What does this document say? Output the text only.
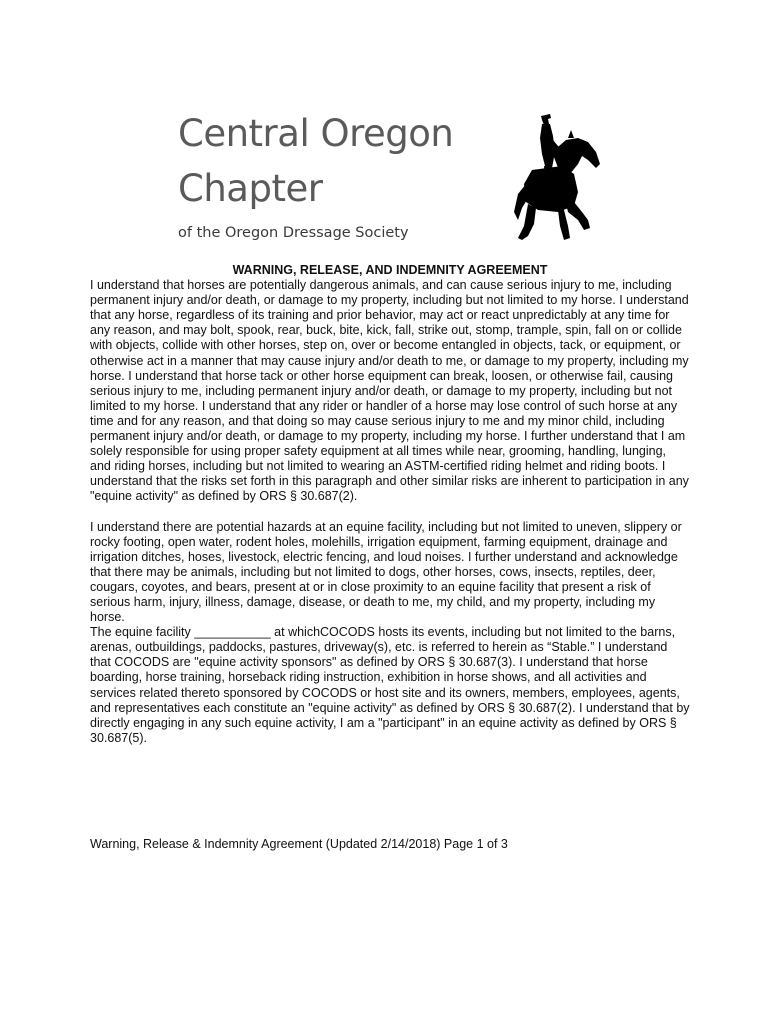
Central Oregon
Chapter
of the Oregon Dressage Society

WARNING, RELEASE, AND INDEMNITY AGREEMENT

I understand that horses are potentially dangerous animals, and can cause serious injury to me, including permanent injury and/or death, or damage to my property, including but not limited to my horse. I understand that any horse, regardless of its training and prior behavior, may act or react unpredictably at any time for any reason, and may bolt, spook, rear, buck, bite, kick, fall, strike out, stomp, trample, spin, fall on or collide with objects, collide with other horses, step on, over or become entangled in objects, tack, or equipment, or otherwise act in a manner that may cause injury and/or death to me, or damage to my property, including my horse. I understand that horse tack or other horse equipment can break, loosen, or otherwise fail, causing serious injury to me, including permanent injury and/or death, or damage to my property, including but not limited to my horse. I understand that any rider or handler of a horse may lose control of such horse at any time and for any reason, and that doing so may cause serious injury to me and my minor child, including permanent injury and/or death, or damage to my property, including my horse. I further understand that I am solely responsible for using proper safety equipment at all times while near, grooming, handling, lunging, and riding horses, including but not limited to wearing an ASTM-certified riding helmet and riding boots. I understand that the risks set forth in this paragraph and other similar risks are inherent to participation in any "equine activity" as defined by ORS § 30.687(2).

I understand there are potential hazards at an equine facility, including but not limited to uneven, slippery or rocky footing, open water, rodent holes, molehills, irrigation equipment, farming equipment, drainage and irrigation ditches, hoses, livestock, electric fencing, and loud noises. I further understand and acknowledge that there may be animals, including but not limited to dogs, other horses, cows, insects, reptiles, deer, cougars, coyotes, and bears, present at or in close proximity to an equine facility that present a risk of serious harm, injury, illness, damage, disease, or death to me, my child, and my property, including my horse.

The equine facility ___________ at whichCOCODS hosts its events, including but not limited to the barns, arenas, outbuildings, paddocks, pastures, driveway(s), etc. is referred to herein as “Stable.” I understand that COCODS are "equine activity sponsors" as defined by ORS § 30.687(3). I understand that horse boarding, horse training, horseback riding instruction, exhibition in horse shows, and all activities and services related thereto sponsored by COCODS or host site and its owners, members, employees, agents, and representatives each constitute an "equine activity" as defined by ORS § 30.687(2). I understand that by directly engaging in any such equine activity, I am a "participant" in an equine activity as defined by ORS § 30.687(5).

Warning, Release & Indemnity Agreement (Updated 2/14/2018) Page 1 of 3
